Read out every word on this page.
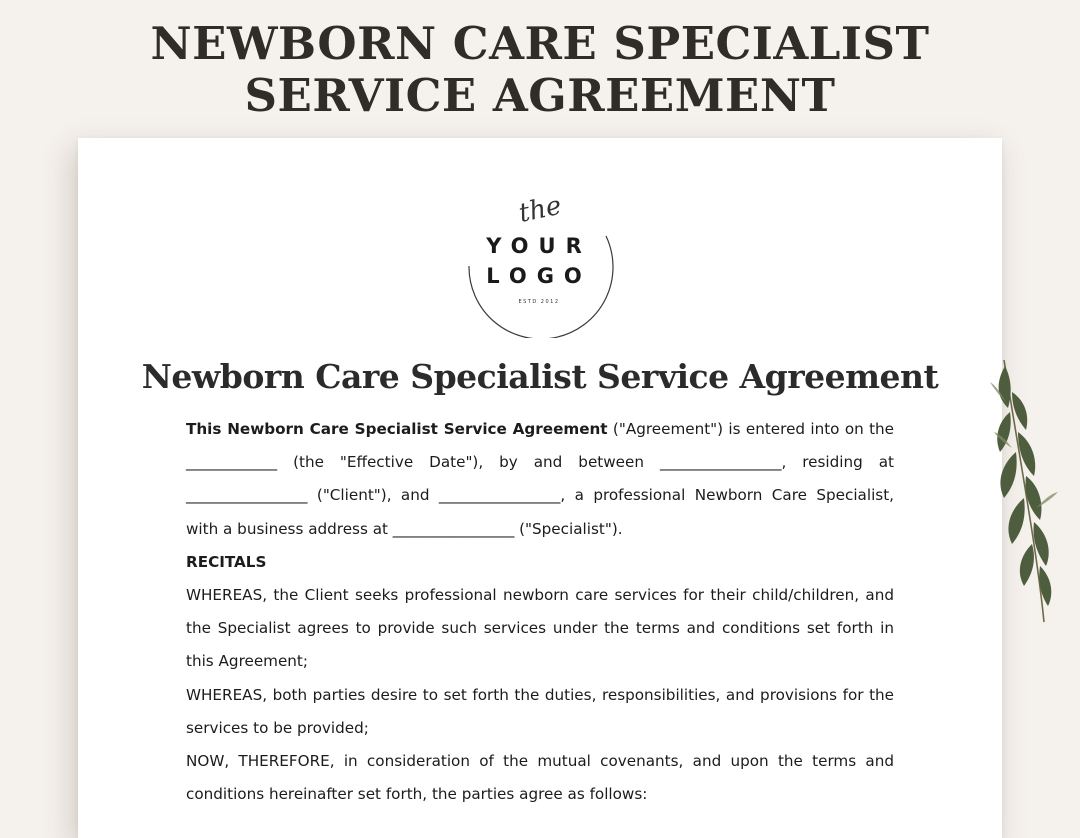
NEWBORN CARE SPECIALIST
SERVICE AGREEMENT
the
YOUR
LOGO
ESTD 2012
Newborn Care Specialist Service Agreement

This Newborn Care Specialist Service Agreement ("Agreement") is entered into on the ____________ (the "Effective Date"), by and between ________________, residing at ________________ ("Client"), and ________________, a professional Newborn Care Specialist, with a business address at ________________ ("Specialist").

RECITALS

WHEREAS, the Client seeks professional newborn care services for their child/children, and the Specialist agrees to provide such services under the terms and conditions set forth in this Agreement;

WHEREAS, both parties desire to set forth the duties, responsibilities, and provisions for the services to be provided;

NOW, THEREFORE, in consideration of the mutual covenants, and upon the terms and conditions hereinafter set forth, the parties agree as follows:
